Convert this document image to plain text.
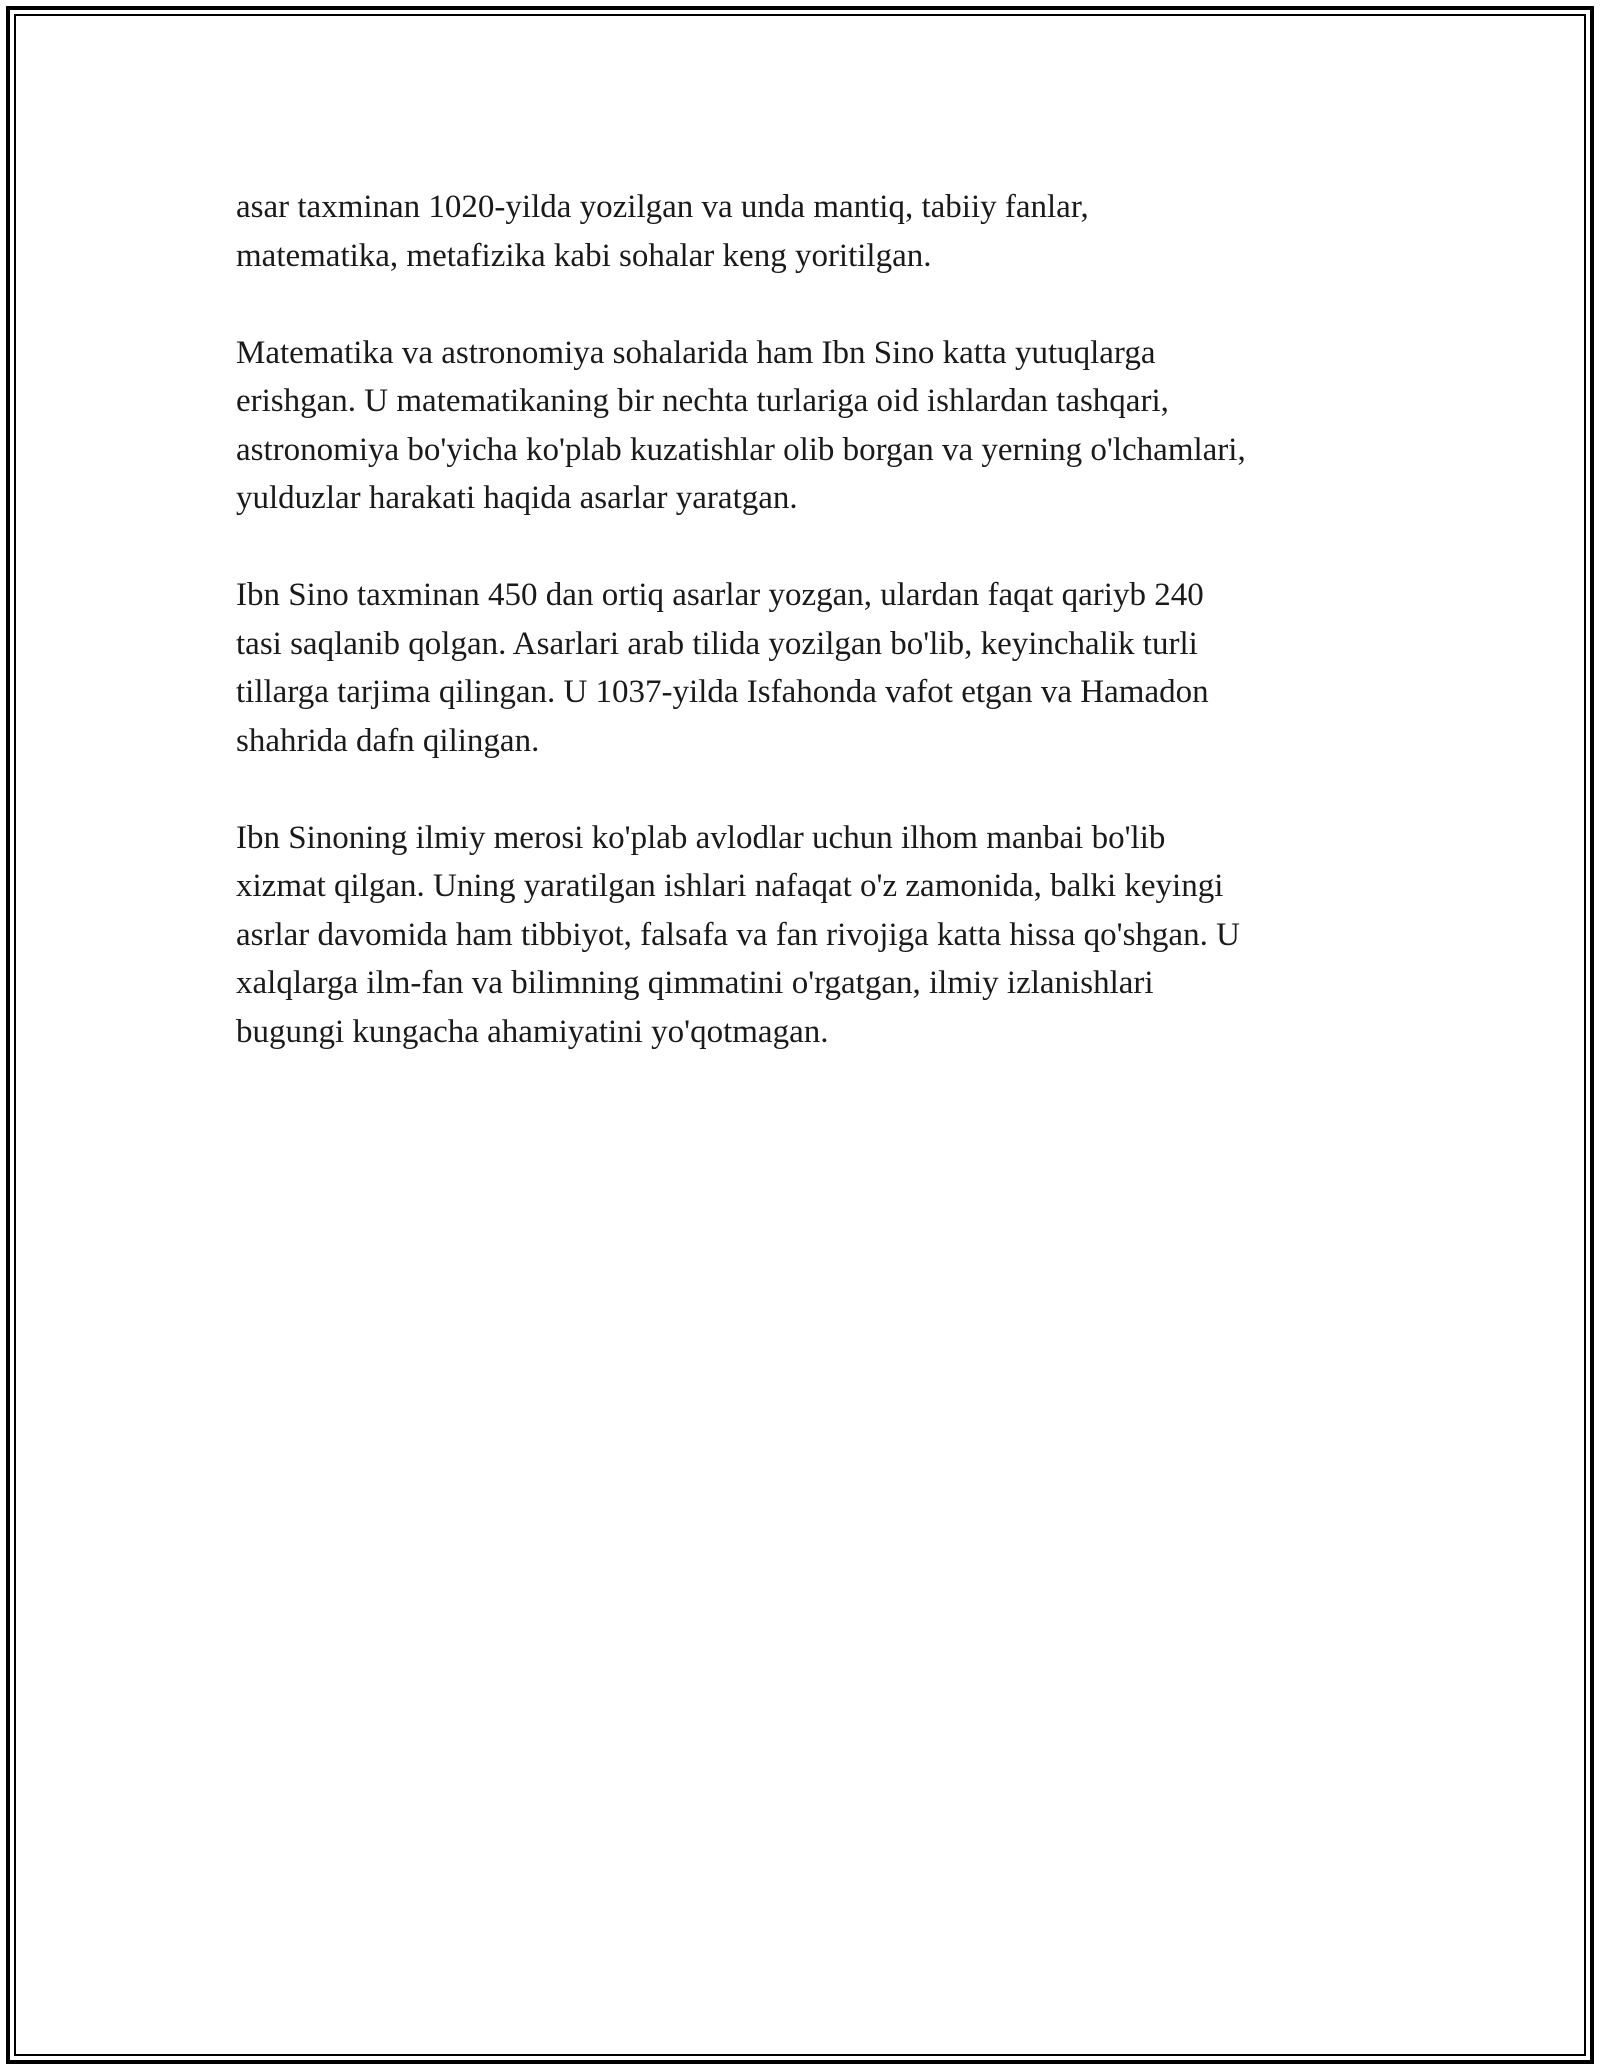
asar taxminan 1020-yilda yozilgan va unda mantiq, tabiiy fanlar,
matematika, metafizika kabi sohalar keng yoritilgan.

Matematika va astronomiya sohalarida ham Ibn Sino katta yutuqlarga
erishgan. U matematikaning bir nechta turlariga oid ishlardan tashqari,
astronomiya bo'yicha ko'plab kuzatishlar olib borgan va yerning o'lchamlari,
yulduzlar harakati haqida asarlar yaratgan.

Ibn Sino taxminan 450 dan ortiq asarlar yozgan, ulardan faqat qariyb 240
tasi saqlanib qolgan. Asarlari arab tilida yozilgan bo'lib, keyinchalik turli
tillarga tarjima qilingan. U 1037-yilda Isfahonda vafot etgan va Hamadon
shahrida dafn qilingan.

Ibn Sinoning ilmiy merosi ko'plab avlodlar uchun ilhom manbai bo'lib
xizmat qilgan. Uning yaratilgan ishlari nafaqat o'z zamonida, balki keyingi
asrlar davomida ham tibbiyot, falsafa va fan rivojiga katta hissa qo'shgan. U
xalqlarga ilm-fan va bilimning qimmatini o'rgatgan, ilmiy izlanishlari
bugungi kungacha ahamiyatini yo'qotmagan.
